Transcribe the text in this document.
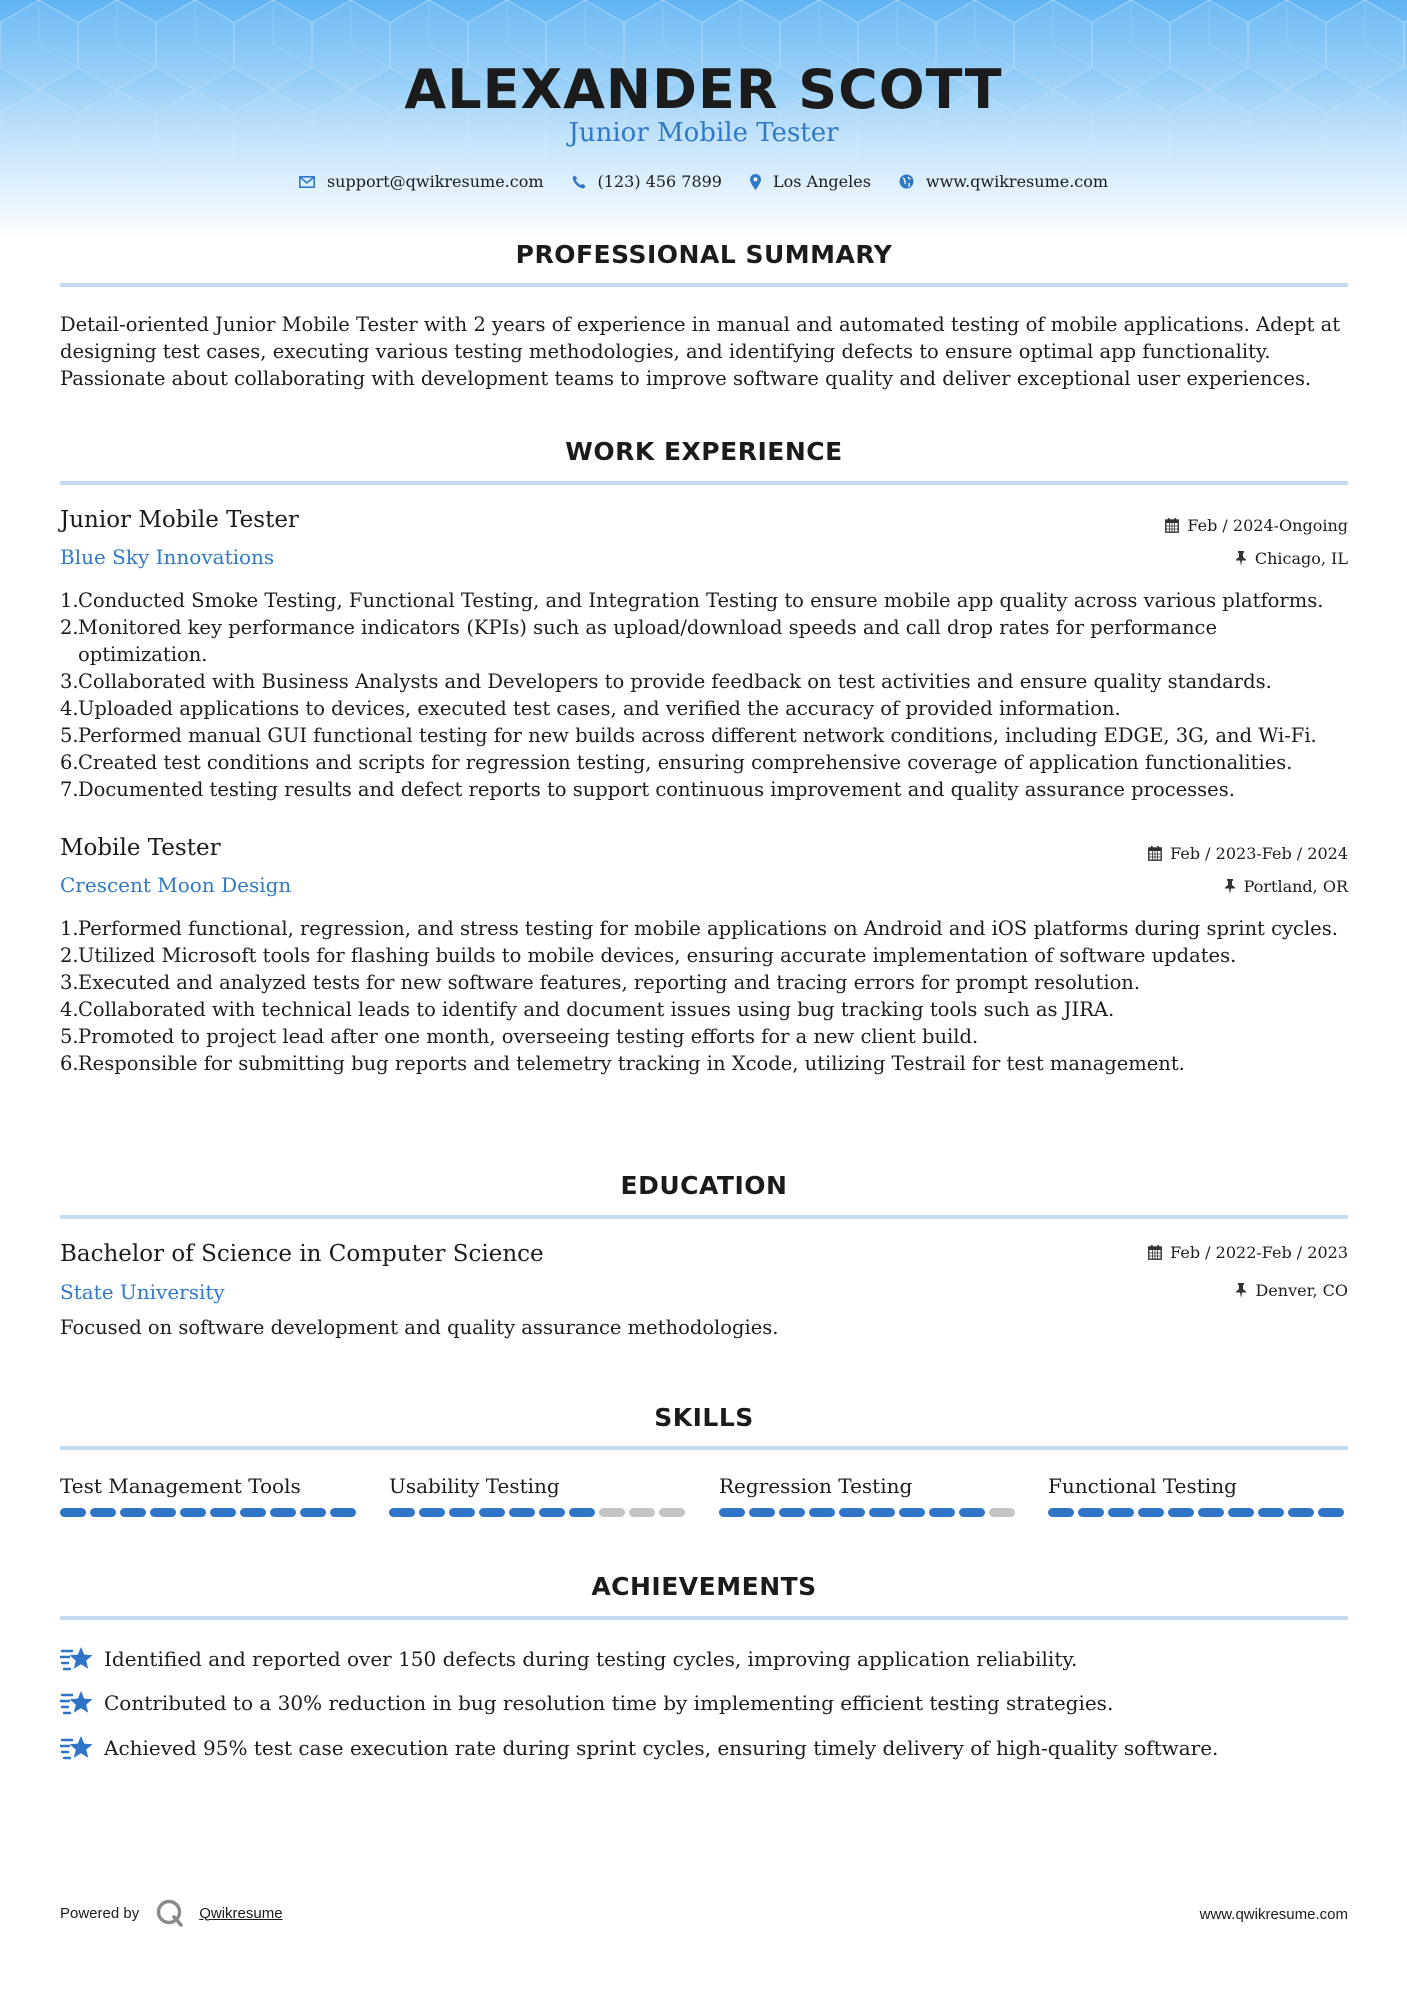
ALEXANDER SCOTT
Junior Mobile Tester
support@qwikresume.com	(123) 456 7899	Los Angeles	www.qwikresume.com
PROFESSIONAL SUMMARY

Detail-oriented Junior Mobile Tester with 2 years of experience in manual and automated testing of mobile applications. Adept at designing test cases, executing various testing methodologies, and identifying defects to ensure optimal app functionality. Passionate about collaborating with development teams to improve software quality and deliver exceptional user experiences.

WORK EXPERIENCE
Junior Mobile Tester	Feb / 2024-Ongoing
Blue Sky Innovations	Chicago, IL
1. Conducted Smoke Testing, Functional Testing, and Integration Testing to ensure mobile app quality across various platforms.
2. Monitored key performance indicators (KPIs) such as upload/download speeds and call drop rates for performance optimization.
3. Collaborated with Business Analysts and Developers to provide feedback on test activities and ensure quality standards.
4. Uploaded applications to devices, executed test cases, and verified the accuracy of provided information.
5. Performed manual GUI functional testing for new builds across different network conditions, including EDGE, 3G, and Wi-Fi.
6. Created test conditions and scripts for regression testing, ensuring comprehensive coverage of application functionalities.
7. Documented testing results and defect reports to support continuous improvement and quality assurance processes.
Mobile Tester	Feb / 2023-Feb / 2024
Crescent Moon Design	Portland, OR
1. Performed functional, regression, and stress testing for mobile applications on Android and iOS platforms during sprint cycles.
2. Utilized Microsoft tools for flashing builds to mobile devices, ensuring accurate implementation of software updates.
3. Executed and analyzed tests for new software features, reporting and tracing errors for prompt resolution.
4. Collaborated with technical leads to identify and document issues using bug tracking tools such as JIRA.
5. Promoted to project lead after one month, overseeing testing efforts for a new client build.
6. Responsible for submitting bug reports and telemetry tracking in Xcode, utilizing Testrail for test management.
EDUCATION
Bachelor of Science in Computer Science	Feb / 2022-Feb / 2023
State University	Denver, CO
Focused on software development and quality assurance methodologies.
SKILLS
Test Management Tools	Usability Testing	Regression Testing	Functional Testing
ACHIEVEMENTS
Identified and reported over 150 defects during testing cycles, improving application reliability.
Contributed to a 30% reduction in bug resolution time by implementing efficient testing strategies.
Achieved 95% test case execution rate during sprint cycles, ensuring timely delivery of high-quality software.
Powered by	Qwikresume	www.qwikresume.com
